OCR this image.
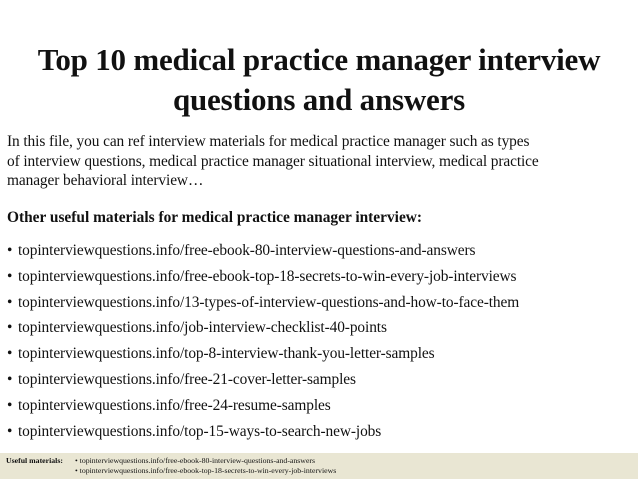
Top 10 medical practice manager interview
questions and answers
In this file, you can ref interview materials for medical practice manager such as types
of interview questions, medical practice manager situational interview, medical practice
manager behavioral interview…
Other useful materials for medical practice manager interview:
• topinterviewquestions.info/free-ebook-80-interview-questions-and-answers
• topinterviewquestions.info/free-ebook-top-18-secrets-to-win-every-job-interviews
• topinterviewquestions.info/13-types-of-interview-questions-and-how-to-face-them
• topinterviewquestions.info/job-interview-checklist-40-points
• topinterviewquestions.info/top-8-interview-thank-you-letter-samples
• topinterviewquestions.info/free-21-cover-letter-samples
• topinterviewquestions.info/free-24-resume-samples
• topinterviewquestions.info/top-15-ways-to-search-new-jobs
Useful materials: • topinterviewquestions.info/free-ebook-80-interview-questions-and-answers
• topinterviewquestions.info/free-ebook-top-18-secrets-to-win-every-job-interviews
